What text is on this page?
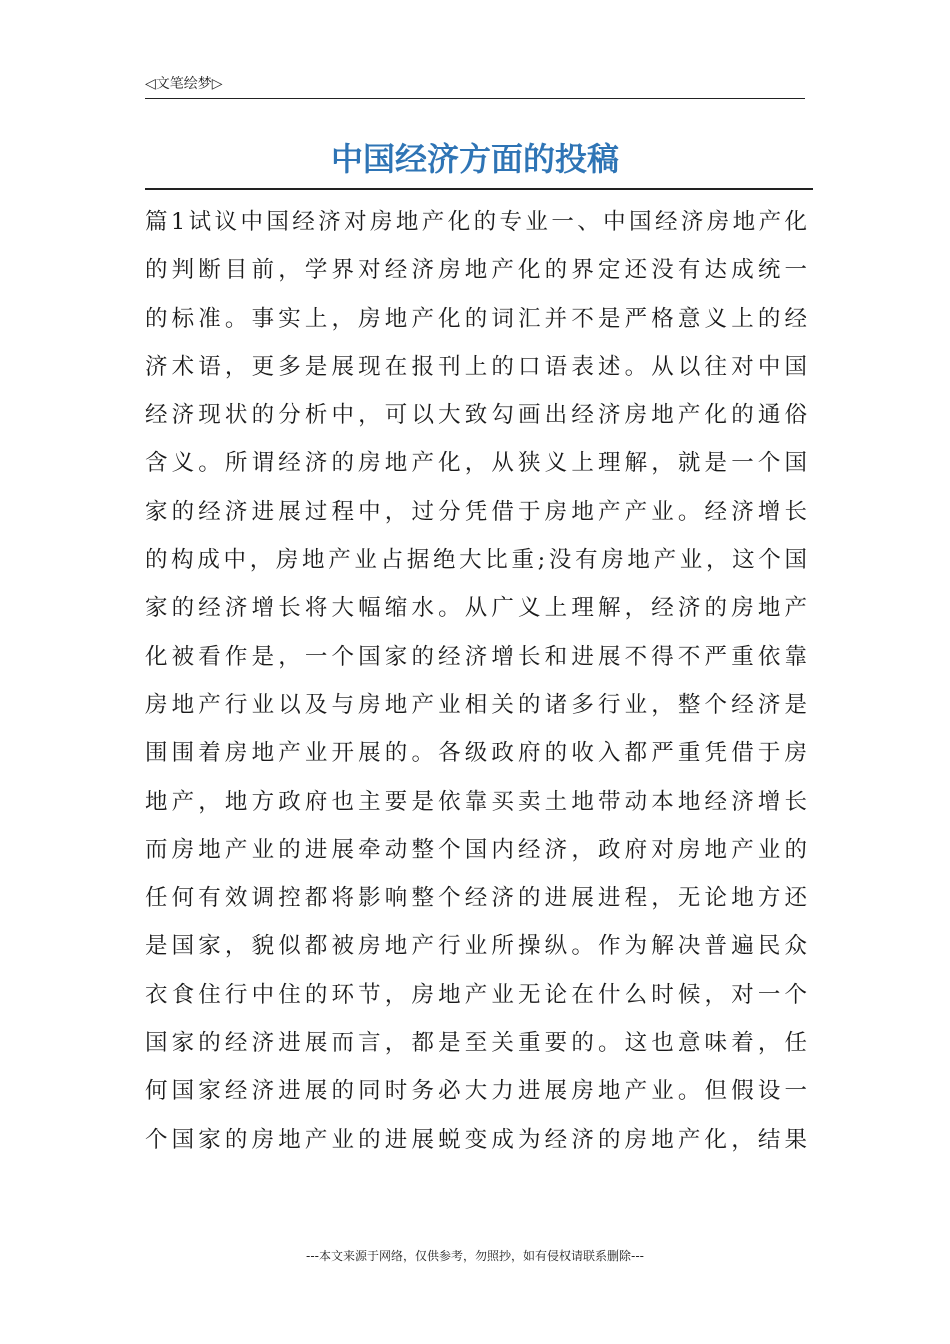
◁文笔绘梦▷
中国经济方面的投稿
篇1试议中国经济对房地产化的专业一、中国经济房地产化
的判断目前，学界对经济房地产化的界定还没有达成统一
的标准。事实上，房地产化的词汇并不是严格意义上的经
济术语，更多是展现在报刊上的口语表述。从以往对中国
经济现状的分析中，可以大致勾画出经济房地产化的通俗
含义。所谓经济的房地产化，从狭义上理解，就是一个国
家的经济进展过程中，过分凭借于房地产产业。经济增长
的构成中，房地产业占据绝大比重;没有房地产业，这个国
家的经济增长将大幅缩水。从广义上理解，经济的房地产
化被看作是，一个国家的经济增长和进展不得不严重依靠
房地产行业以及与房地产业相关的诸多行业，整个经济是
围围着房地产业开展的。各级政府的收入都严重凭借于房
地产，地方政府也主要是依靠买卖土地带动本地经济增长
而房地产业的进展牵动整个国内经济，政府对房地产业的
任何有效调控都将影响整个经济的进展进程，无论地方还
是国家，貌似都被房地产行业所操纵。作为解决普遍民众
衣食住行中住的环节，房地产业无论在什么时候，对一个
国家的经济进展而言，都是至关重要的。这也意味着，任
何国家经济进展的同时务必大力进展房地产业。但假设一
个国家的房地产业的进展蜕变成为经济的房地产化，结果
---本文来源于网络，仅供参考，勿照抄，如有侵权请联系删除---
